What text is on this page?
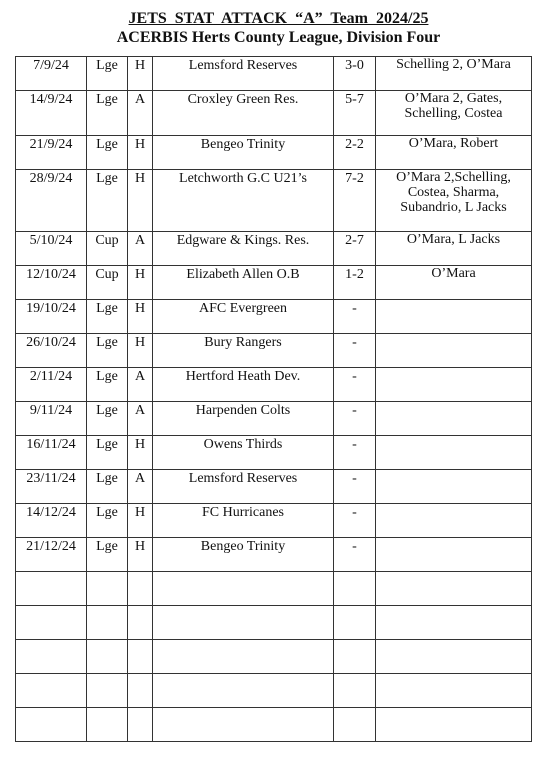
JETS STAT ATTACK “A” Team 2024/25
ACERBIS Herts County League, Division Four
7/9/24	Lge	H	Lemsford Reserves	3-0	Schelling 2, O’Mara
14/9/24	Lge	A	Croxley Green Res.	5-7	O’Mara 2, Gates, Schelling, Costea
21/9/24	Lge	H	Bengeo Trinity	2-2	O’Mara, Robert
28/9/24	Lge	H	Letchworth G.C U21’s	7-2	O’Mara 2,Schelling, Costea, Sharma, Subandrio, L Jacks
5/10/24	Cup	A	Edgware & Kings. Res.	2-7	O’Mara, L Jacks
12/10/24	Cup	H	Elizabeth Allen O.B	1-2	O’Mara
19/10/24	Lge	H	AFC Evergreen	-	
26/10/24	Lge	H	Bury Rangers	-	
2/11/24	Lge	A	Hertford Heath Dev.	-	
9/11/24	Lge	A	Harpenden Colts	-	
16/11/24	Lge	H	Owens Thirds	-	
23/11/24	Lge	A	Lemsford Reserves	-	
14/12/24	Lge	H	FC Hurricanes	-	
21/12/24	Lge	H	Bengeo Trinity	-	
